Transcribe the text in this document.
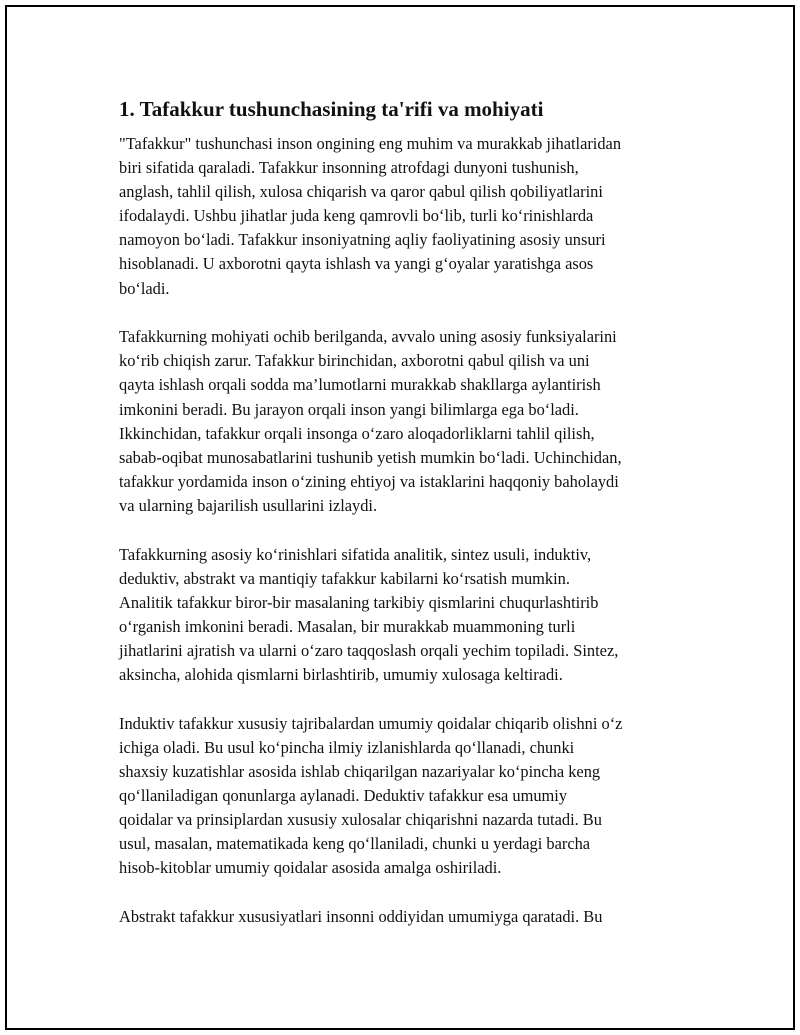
1. Tafakkur tushunchasining ta'rifi va mohiyati

"Tafakkur" tushunchasi inson ongining eng muhim va murakkab jihatlaridan
biri sifatida qaraladi. Tafakkur insonning atrofdagi dunyoni tushunish,
anglash, tahlil qilish, xulosa chiqarish va qaror qabul qilish qobiliyatlarini
ifodalaydi. Ushbu jihatlar juda keng qamrovli bo‘lib, turli ko‘rinishlarda
namoyon bo‘ladi. Tafakkur insoniyatning aqliy faoliyatining asosiy unsuri
hisoblanadi. U axborotni qayta ishlash va yangi g‘oyalar yaratishga asos
bo‘ladi.

Tafakkurning mohiyati ochib berilganda, avvalo uning asosiy funksiyalarini
ko‘rib chiqish zarur. Tafakkur birinchidan, axborotni qabul qilish va uni
qayta ishlash orqali sodda ma’lumotlarni murakkab shakllarga aylantirish
imkonini beradi. Bu jarayon orqali inson yangi bilimlarga ega bo‘ladi.
Ikkinchidan, tafakkur orqali insonga o‘zaro aloqadorliklarni tahlil qilish,
sabab-oqibat munosabatlarini tushunib yetish mumkin bo‘ladi. Uchinchidan,
tafakkur yordamida inson o‘zining ehtiyoj va istaklarini haqqoniy baholaydi
va ularning bajarilish usullarini izlaydi.

Tafakkurning asosiy ko‘rinishlari sifatida analitik, sintez usuli, induktiv,
deduktiv, abstrakt va mantiqiy tafakkur kabilarni ko‘rsatish mumkin.
Analitik tafakkur biror-bir masalaning tarkibiy qismlarini chuqurlashtirib
o‘rganish imkonini beradi. Masalan, bir murakkab muammoning turli
jihatlarini ajratish va ularni o‘zaro taqqoslash orqali yechim topiladi. Sintez,
aksincha, alohida qismlarni birlashtirib, umumiy xulosaga keltiradi.

Induktiv tafakkur xususiy tajribalardan umumiy qoidalar chiqarib olishni o‘z
ichiga oladi. Bu usul ko‘pincha ilmiy izlanishlarda qo‘llanadi, chunki
shaxsiy kuzatishlar asosida ishlab chiqarilgan nazariyalar ko‘pincha keng
qo‘llaniladigan qonunlarga aylanadi. Deduktiv tafakkur esa umumiy
qoidalar va prinsiplardan xususiy xulosalar chiqarishni nazarda tutadi. Bu
usul, masalan, matematikada keng qo‘llaniladi, chunki u yerdagi barcha
hisob-kitoblar umumiy qoidalar asosida amalga oshiriladi.

Abstrakt tafakkur xususiyatlari insonni oddiyidan umumiyga qaratadi. Bu
